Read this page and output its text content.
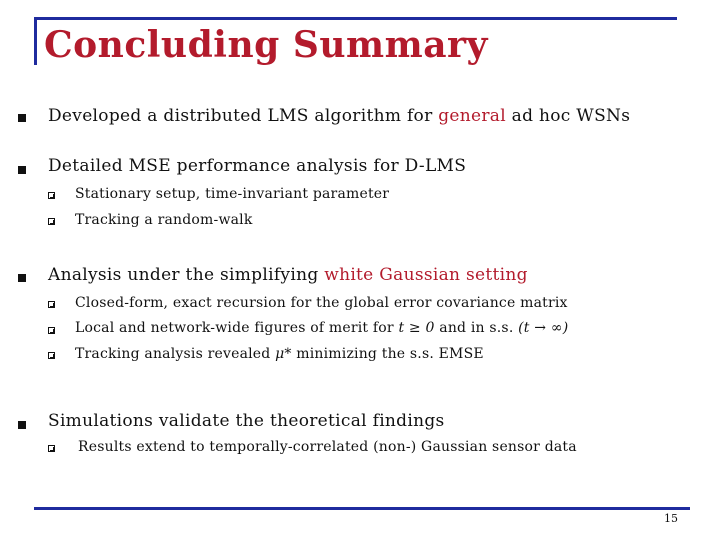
Concluding Summary
Developed a distributed LMS algorithm for general ad hoc WSNs
Detailed MSE performance analysis for D-LMS
Stationary setup, time-invariant parameter
Tracking a random-walk
Analysis under the simplifying white Gaussian setting
Closed-form, exact recursion for the global error covariance matrix
Local and network-wide figures of merit for t ≥ 0 and in s.s. (t → ∞)
Tracking analysis revealed μ* minimizing the s.s. EMSE
Simulations validate the theoretical findings
Results extend to temporally-correlated (non-) Gaussian sensor data
15
